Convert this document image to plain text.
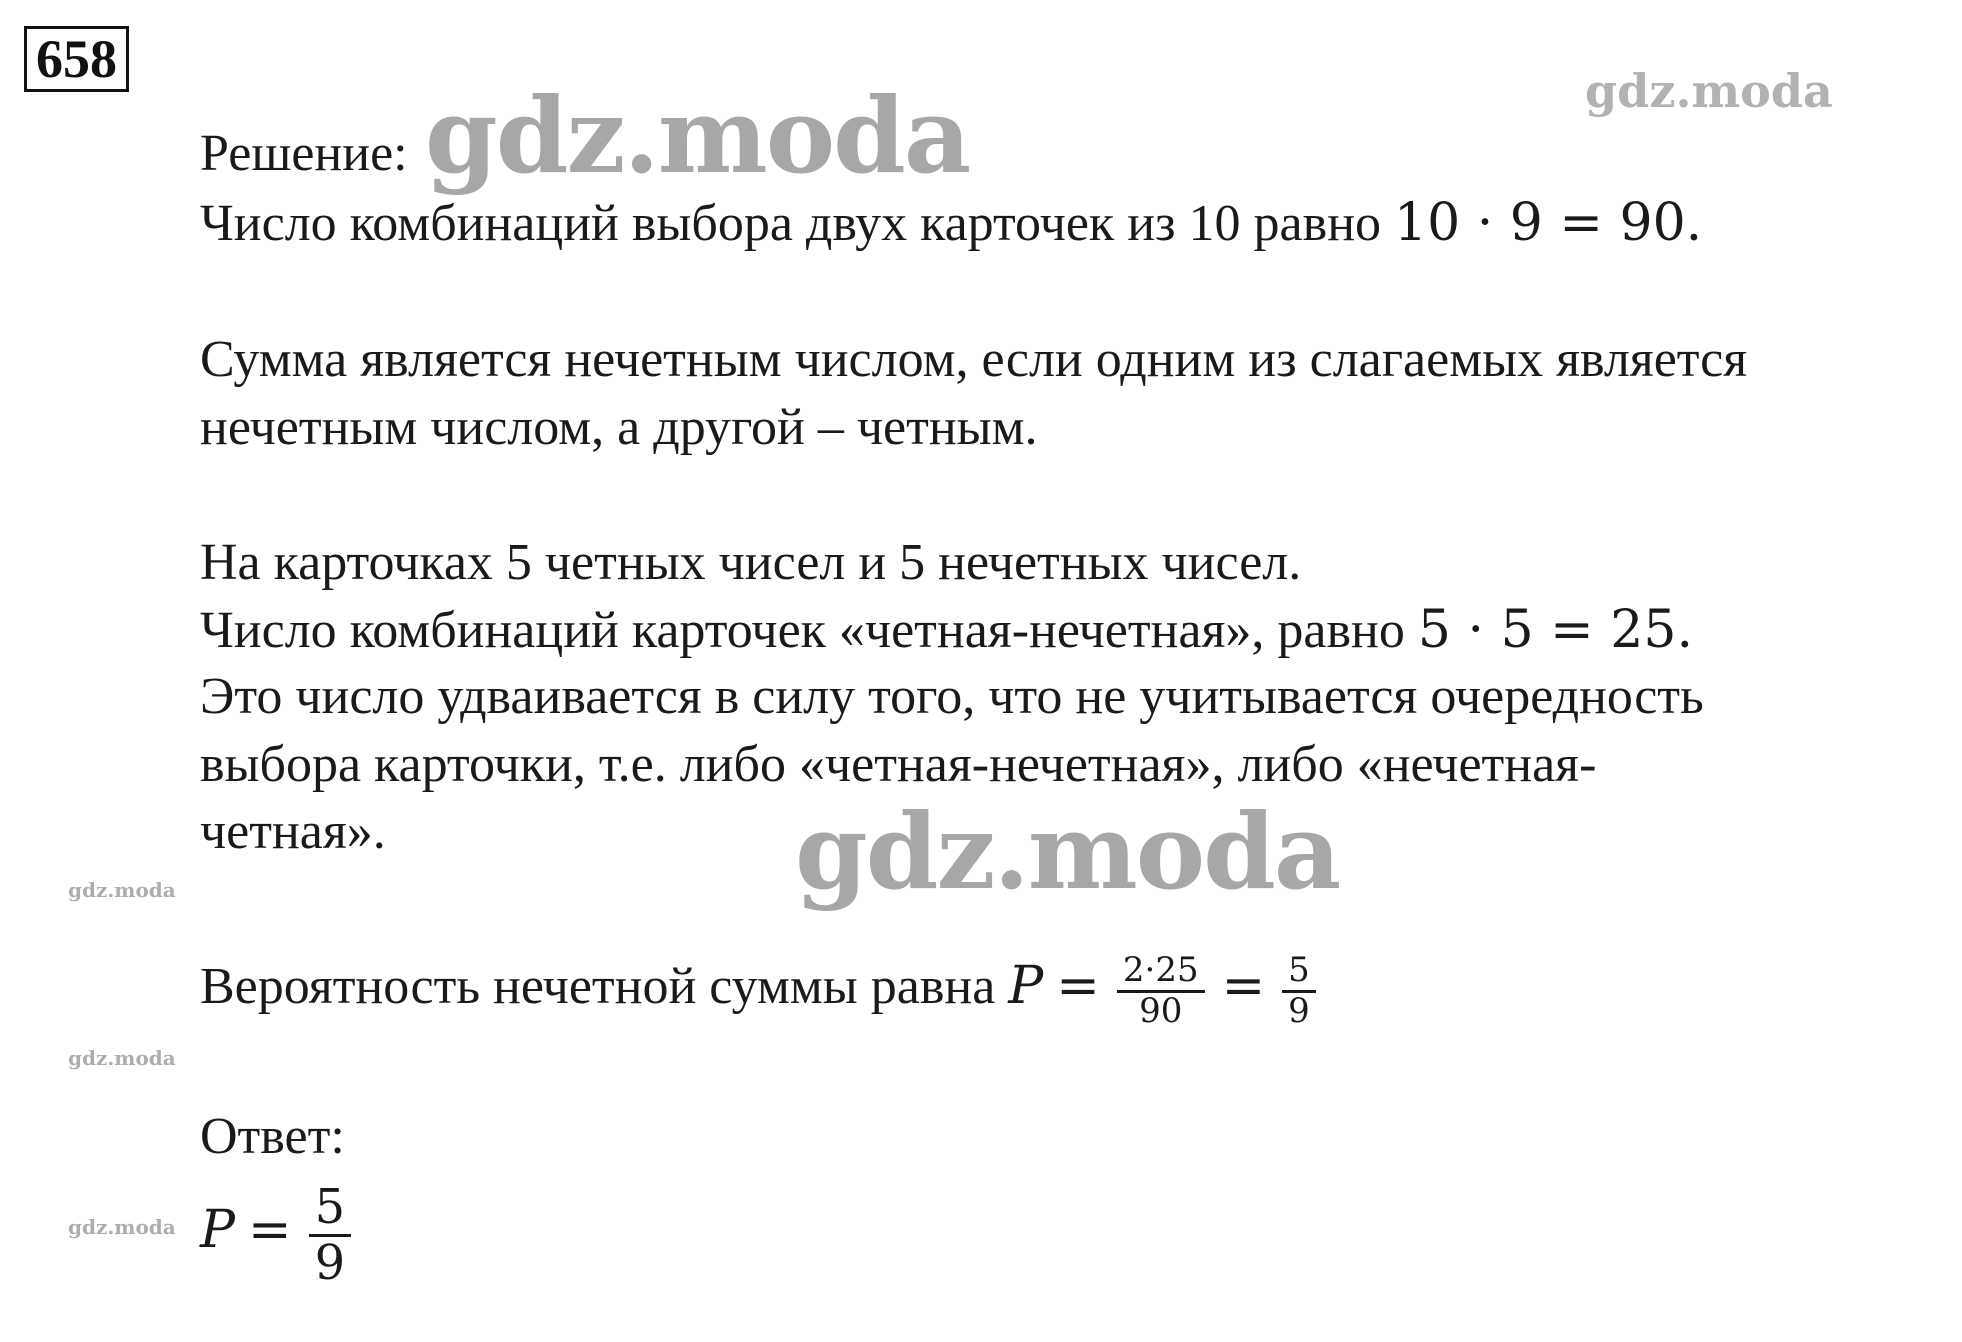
658
gdz.moda	gdz.moda
gdz.moda
gdz.moda
gdz.moda
gdz.moda
Решение:
Число комбинаций выбора двух карточек из 10 равно 10 · 9 = 90.
Сумма является нечетным числом, если одним из слагаемых является
нечетным числом, а другой – четным.
На карточках 5 четных чисел и 5 нечетных чисел.
Число комбинаций карточек «четная-нечетная», равно 5 · 5 = 25.
Это число удваивается в силу того, что не учитывается очередность
выбора карточки, т.е. либо «четная-нечетная», либо «нечетная-
четная».
Вероятность нечетной суммы равна $P = \frac{2\cdot 25}{90} = \frac{5}{9}$
Ответ:
$P = \frac{5}{9}$
